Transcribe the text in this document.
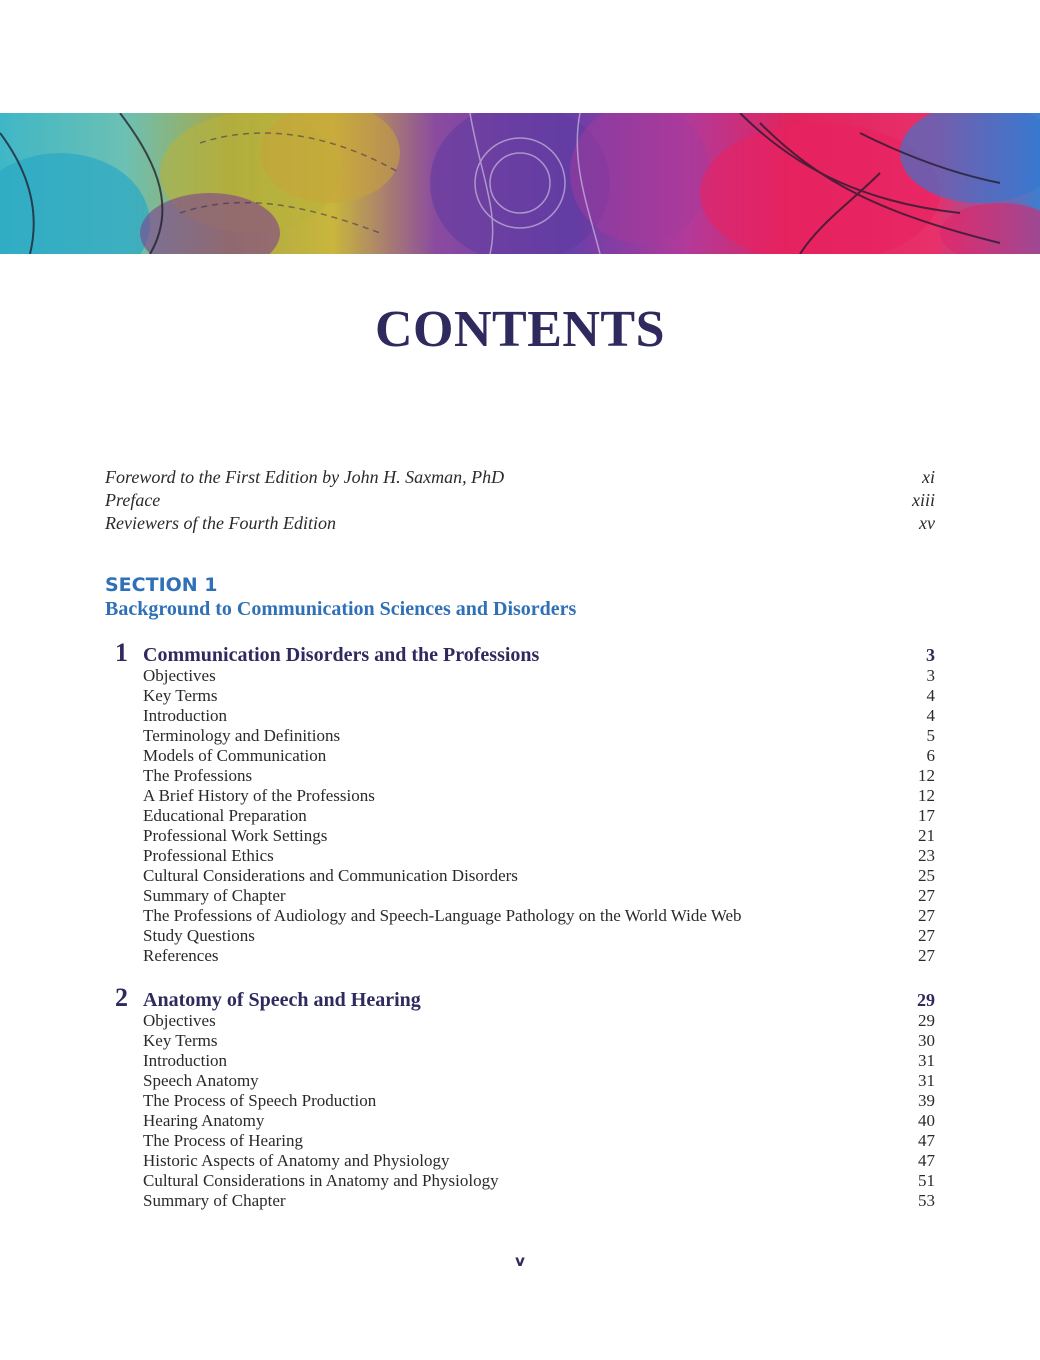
CONTENTS
Foreword to the First Edition by John H. Saxman, PhD	xi
Preface	xiii
Reviewers of the Fourth Edition	xv
SECTION 1
Background to Communication Sciences and Disorders
1 Communication Disorders and the Professions	3
Objectives	3
Key Terms	4
Introduction	4
Terminology and Definitions	5
Models of Communication	6
The Professions	12
A Brief History of the Professions	12
Educational Preparation	17
Professional Work Settings	21
Professional Ethics	23
Cultural Considerations and Communication Disorders	25
Summary of Chapter	27
The Professions of Audiology and Speech-Language Pathology on the World Wide Web	27
Study Questions	27
References	27
2 Anatomy of Speech and Hearing	29
Objectives	29
Key Terms	30
Introduction	31
Speech Anatomy	31
The Process of Speech Production	39
Hearing Anatomy	40
The Process of Hearing	47
Historic Aspects of Anatomy and Physiology	47
Cultural Considerations in Anatomy and Physiology	51
Summary of Chapter	53
v
